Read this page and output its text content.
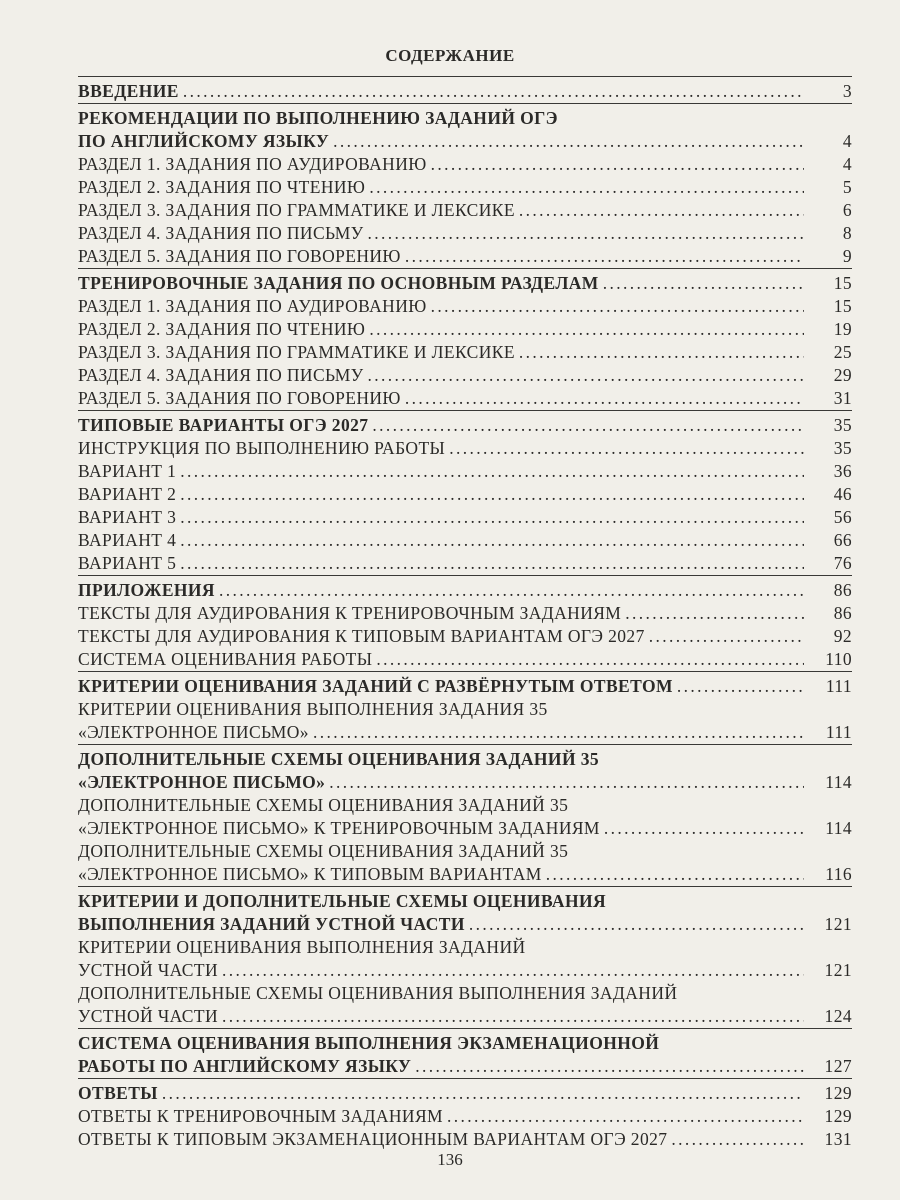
СОДЕРЖАНИЕ
ВВЕДЕНИЕ . . .	3
РЕКОМЕНДАЦИИ ПО ВЫПОЛНЕНИЮ ЗАДАНИЙ ОГЭ
ПО АНГЛИЙСКОМУ ЯЗЫКУ . . .	4
РАЗДЕЛ 1. ЗАДАНИЯ ПО АУДИРОВАНИЮ . . .	4
РАЗДЕЛ 2. ЗАДАНИЯ ПО ЧТЕНИЮ . . .	5
РАЗДЕЛ 3. ЗАДАНИЯ ПО ГРАММАТИКЕ И ЛЕКСИКЕ . . .	6
РАЗДЕЛ 4. ЗАДАНИЯ ПО ПИСЬМУ . . .	8
РАЗДЕЛ 5. ЗАДАНИЯ ПО ГОВОРЕНИЮ . . .	9
ТРЕНИРОВОЧНЫЕ ЗАДАНИЯ ПО ОСНОВНЫМ РАЗДЕЛАМ . . .	15
РАЗДЕЛ 1. ЗАДАНИЯ ПО АУДИРОВАНИЮ . . .	15
РАЗДЕЛ 2. ЗАДАНИЯ ПО ЧТЕНИЮ . . .	19
РАЗДЕЛ 3. ЗАДАНИЯ ПО ГРАММАТИКЕ И ЛЕКСИКЕ . . .	25
РАЗДЕЛ 4. ЗАДАНИЯ ПО ПИСЬМУ . . .	29
РАЗДЕЛ 5. ЗАДАНИЯ ПО ГОВОРЕНИЮ . . .	31
ТИПОВЫЕ ВАРИАНТЫ ОГЭ 2027 . . .	35
ИНСТРУКЦИЯ ПО ВЫПОЛНЕНИЮ РАБОТЫ . . .	35
ВАРИАНТ 1 . . .	36
ВАРИАНТ 2 . . .	46
ВАРИАНТ 3 . . .	56
ВАРИАНТ 4 . . .	66
ВАРИАНТ 5 . . .	76
ПРИЛОЖЕНИЯ . . .	86
ТЕКСТЫ ДЛЯ АУДИРОВАНИЯ К ТРЕНИРОВОЧНЫМ ЗАДАНИЯМ . . .	86
ТЕКСТЫ ДЛЯ АУДИРОВАНИЯ К ТИПОВЫМ ВАРИАНТАМ ОГЭ 2027 . . .	92
СИСТЕМА ОЦЕНИВАНИЯ РАБОТЫ . . .	110
КРИТЕРИИ ОЦЕНИВАНИЯ ЗАДАНИЙ С РАЗВЁРНУТЫМ ОТВЕТОМ . . .	111
КРИТЕРИИ ОЦЕНИВАНИЯ ВЫПОЛНЕНИЯ ЗАДАНИЯ 35
«ЭЛЕКТРОННОЕ ПИСЬМО» . . .	111
ДОПОЛНИТЕЛЬНЫЕ СХЕМЫ ОЦЕНИВАНИЯ ЗАДАНИЙ 35
«ЭЛЕКТРОННОЕ ПИСЬМО» . . .	114
ДОПОЛНИТЕЛЬНЫЕ СХЕМЫ ОЦЕНИВАНИЯ ЗАДАНИЙ 35
«ЭЛЕКТРОННОЕ ПИСЬМО» К ТРЕНИРОВОЧНЫМ ЗАДАНИЯМ . . .	114
ДОПОЛНИТЕЛЬНЫЕ СХЕМЫ ОЦЕНИВАНИЯ ЗАДАНИЙ 35
«ЭЛЕКТРОННОЕ ПИСЬМО» К ТИПОВЫМ ВАРИАНТАМ . . .	116
КРИТЕРИИ И ДОПОЛНИТЕЛЬНЫЕ СХЕМЫ ОЦЕНИВАНИЯ
ВЫПОЛНЕНИЯ ЗАДАНИЙ УСТНОЙ ЧАСТИ . . .	121
КРИТЕРИИ ОЦЕНИВАНИЯ ВЫПОЛНЕНИЯ ЗАДАНИЙ
УСТНОЙ ЧАСТИ . . .	121
ДОПОЛНИТЕЛЬНЫЕ СХЕМЫ ОЦЕНИВАНИЯ ВЫПОЛНЕНИЯ ЗАДАНИЙ
УСТНОЙ ЧАСТИ . . .	124
СИСТЕМА ОЦЕНИВАНИЯ ВЫПОЛНЕНИЯ ЭКЗАМЕНАЦИОННОЙ
РАБОТЫ ПО АНГЛИЙСКОМУ ЯЗЫКУ . . .	127
ОТВЕТЫ . . .	129
ОТВЕТЫ К ТРЕНИРОВОЧНЫМ ЗАДАНИЯМ . . .	129
ОТВЕТЫ К ТИПОВЫМ ЭКЗАМЕНАЦИОННЫМ ВАРИАНТАМ ОГЭ 2027 . . .	131
136
